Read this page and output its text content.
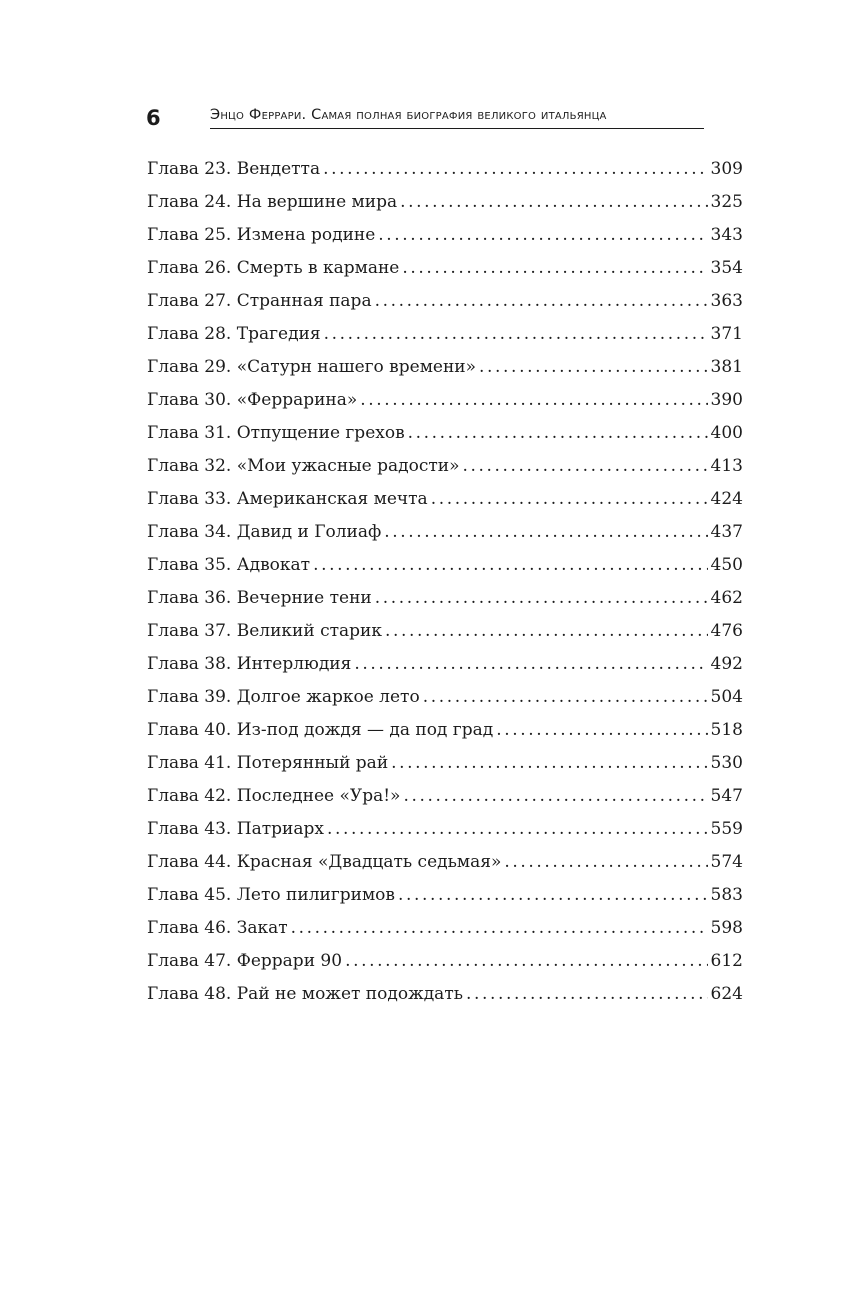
6	Энцо Феррари. Самая полная биография великого итальянца
Глава 23. Вендетта .....	309
Глава 24. На вершине мира .....	325
Глава 25. Измена родине .....	343
Глава 26. Смерть в кармане .....	354
Глава 27. Странная пара .....	363
Глава 28. Трагедия .....	371
Глава 29. «Сатурн нашего времени» .....	381
Глава 30. «Феррарина» .....	390
Глава 31. Отпущение грехов .....	400
Глава 32. «Мои ужасные радости» .....	413
Глава 33. Американская мечта .....	424
Глава 34. Давид и Голиаф .....	437
Глава 35. Адвокат .....	450
Глава 36. Вечерние тени .....	462
Глава 37. Великий старик .....	476
Глава 38. Интерлюдия .....	492
Глава 39. Долгое жаркое лето .....	504
Глава 40. Из-под дождя — да под град .....	518
Глава 41. Потерянный рай .....	530
Глава 42. Последнее «Ура!» .....	547
Глава 43. Патриарх .....	559
Глава 44. Красная «Двадцать седьмая» .....	574
Глава 45. Лето пилигримов .....	583
Глава 46. Закат .....	598
Глава 47. Феррари 90 .....	612
Глава 48. Рай не может подождать .....	624
